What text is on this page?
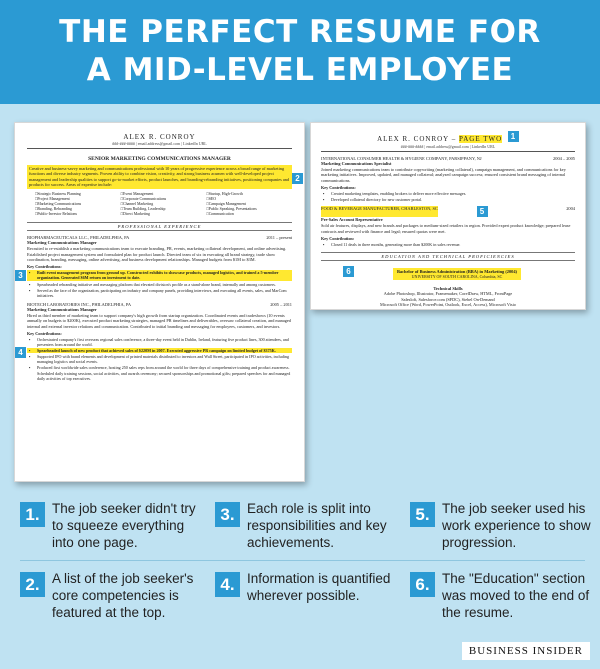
THE PERFECT RESUME FOR
A MID-LEVEL EMPLOYEE
ALEX R. CONROY
###-###-#### | email.address@gmail.com | LinkedIn URL
SENIOR MARKETING COMMUNICATIONS MANAGER
Creative and business-savvy marketing and communications professional with 10 years of progressive experience across a broad range of marketing functions and diverse industry segments. Proven ability to combine vision, creativity, and strong business acumen with well-developed project management and leadership qualities to support go-to-market efforts, product launches, and branding-rebranding initiatives, positioning companies and products for success. Areas of expertise include:
2
□ Strategic Business Planning	□ Event Management	□ Startup, High-Growth
□ Project Management	□ Corporate Communications	□ SEO
□ Marketing Communications	□ Channel Marketing	□ Campaign Management
□ Branding, Rebranding	□ Team Building, Leadership	□ Public Speaking, Presentations
□ Public-Investor Relations	□ Direct Marketing	□ Communication
PROFESSIONAL EXPERIENCE
BIOPHARMACEUTICALS LLC., PHILADELPHIA, PA	2011 – present
Marketing Communications Manager
Recruited to re-establish a marketing communications team to execute branding, PR, events, marketing collateral development, and online advertising. Established project management system and formulated plan for product launch. Directed team of six in executing all brand strategy, trade show coordination, branding, messaging, online advertising, and business development relationships. Managed budgets from $1M to $3M.
Key Contributions:
▪ Built event management program from ground up. Constructed exhibits to showcase products, managed logistics, and trained a 5-member organization. Generated $6M return on investment to date.
3
▪ Spearheaded rebranding initiative and messaging platform that elevated division's profile as a stand-alone brand, internally and among customers.
▪ Served as the face of the organization, participating on industry and company panels, providing interviews, and executing all events, sales, and MarCom initiatives.
BIOTECH LABORATORIES INC., PHILADELPHIA, PA	2005 – 2011
Marketing Communications Manager
Hired as third member of marketing team to support company's high growth from startup organization. Coordinated events and tradeshows (10 events annually on budgets to $200K), executed product marketing strategies, managed PR timelines and deliverables, oversaw collateral creation, and managed internal and external investor relations and communication. Contributed to initial branding and messaging for employees, customers, and investors.
Key Contributions:
▪ Orchestrated company's first overseas regional sales conference, a three-day event held in Dublin, Ireland, featuring five product lines, 300 attendees, and presenters from around the world.
▪ Spearheaded launch of new product that achieved sales of $220M in 2007. Executed aggressive PR campaign on limited budget of $375K.
4	▪ Supported IPO with brand elements and development of printed materials distributed to investors and Wall Street, participated in IPO activities, including managing logistics and social events.
▪ Produced first worldwide sales conference, hosting 250 sales reps from around the world for three days of comprehensive training and product awareness. Scheduled daily training sessions, social activities, and awards ceremony; secured sponsorships and promotional gifts; prepared speeches for and managed daily activities of top executives.
ALEX R. CONROY – PAGE TWO 1
###-###-#### | email.address@gmail.com | LinkedIn URL
INTERNATIONAL CONSUMER HEALTH & HYGIENE COMPANY, PARSIPPANY, NJ	2004 – 2005
Marketing Communications Specialist
Joined marketing communications team to contribute copywriting (marketing collateral), campaign management, and communications for key marketing initiatives. Improved, updated, and managed collateral; analyzed campaign success; ensured consistent brand messaging of internal communications.
Key Contributions:
▪ Created marketing templates, enabling brokers to deliver more effective messages.
▪ Developed collateral directory for new customer portal.
FOOD & BEVERAGE MANUFACTURER, CHARLESTON, SC	5	2004
Pre-Sales Account Representative
Sold air features, displays, and new brands and packages to medium-sized retailers in region. Provided expert product knowledge; prepared lease contracts and reviewed with finance and legal; ensured quotas were met.
Key Contribution:
▪ Closed 11 deals in three months, generating more than $200K in sales revenue.
EDUCATION AND TECHNICAL PROFICIENCIES
6	Bachelor of Business Administration (BBA) in Marketing (2004)
UNIVERSITY OF SOUTH CAROLINA, Columbia, SC
Technical Skills
Adobe Photoshop, Illustrator, Framemaker, CorelDraw, HTML, FrontPage
Salesloft, Salesforce.com (SFDC), Siebel On-Demand
Microsoft Office (Word, PowerPoint, Outlook, Excel, Access), Microsoft Visio
1. The job seeker didn't try to squeeze everything into one page.
3. Each role is split into responsibilities and key achievements.
5. The job seeker used his work experience to show progression.
2. A list of the job seeker's core competencies is featured at the top.
4. Information is quantified wherever possible.
6. The "Education" section was moved to the end of the resume.
BUSINESS INSIDER
